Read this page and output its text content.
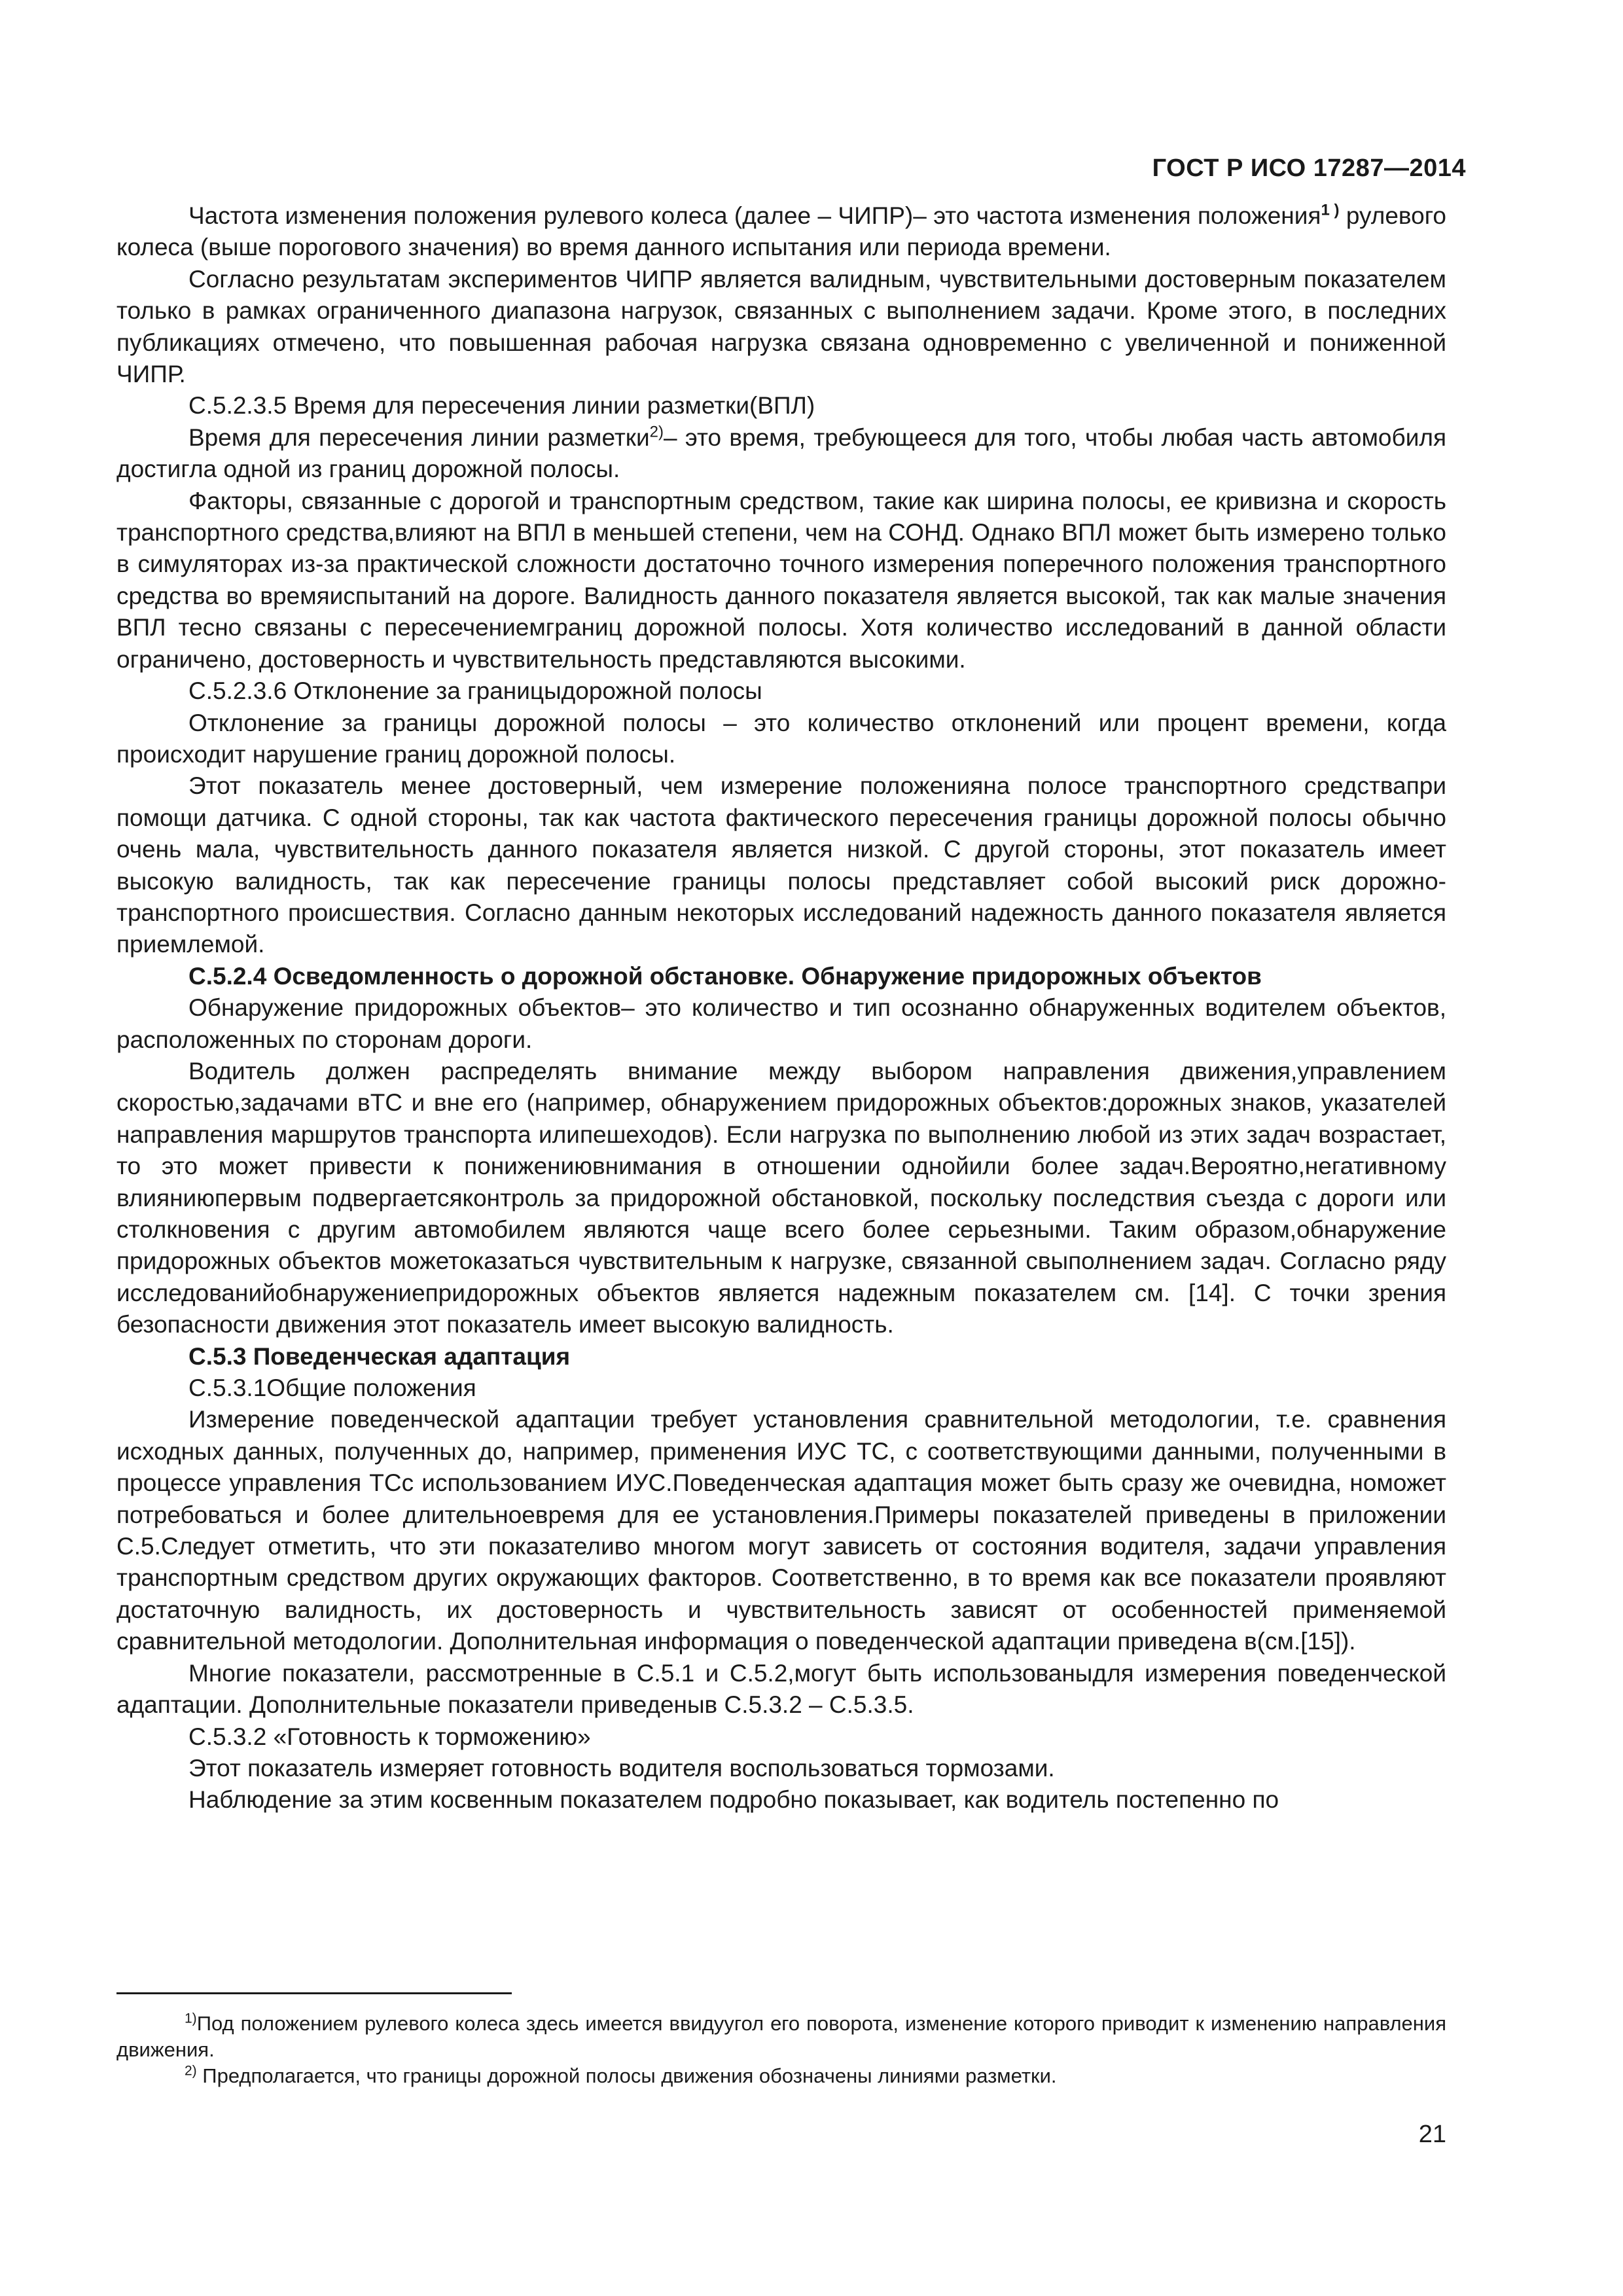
ГОСТ Р ИСО 17287—2014

Частота изменения положения рулевого колеса (далее – ЧИПР)– это частота изменения положения$^{1 )}$ рулевого колеса (выше порогового значения) во время данного испытания или периода времени.

Согласно результатам экспериментов ЧИПР является валидным, чувствительными достоверным показателем только в рамках ограниченного диапазона нагрузок, связанных с выполнением задачи. Кроме этого, в последних публикациях отмечено, что повышенная рабочая нагрузка связана одновременно с увеличенной и пониженной ЧИПР.

С.5.2.3.5 Время для пересечения линии разметки(ВПЛ)

Время для пересечения линии разметки$^{2)}$– это время, требующееся для того, чтобы любая часть автомобиля достигла одной из границ дорожной полосы.

Факторы, связанные с дорогой и транспортным средством, такие как ширина полосы, ее кривизна и скорость транспортного средства,влияют на ВПЛ в меньшей степени, чем на СОНД. Однако ВПЛ может быть измерено только в симуляторах из-за практической сложности достаточно точного измерения поперечного положения транспортного средства во времяиспытаний на дороге. Валидность данного показателя является высокой, так как малые значения ВПЛ тесно связаны с пересечениемграниц дорожной полосы. Хотя количество исследований в данной области ограничено, достоверность и чувствительность представляются высокими.

С.5.2.3.6 Отклонение за границыдорожной полосы

Отклонение за границы дорожной полосы – это количество отклонений или процент времени, когда происходит нарушение границ дорожной полосы.

Этот показатель менее достоверный, чем измерение положенияна полосе транспортного средствапри помощи датчика. С одной стороны, так как частота фактического пересечения границы дорожной полосы обычно очень мала, чувствительность данного показателя является низкой. С другой стороны, этот показатель имеет высокую валидность, так как пересечение границы полосы представляет собой высокий риск дорожно-транспортного происшествия. Согласно данным некоторых исследований надежность данного показателя является приемлемой.

С.5.2.4 Осведомленность о дорожной обстановке. Обнаружение придорожных объектов

Обнаружение придорожных объектов– это количество и тип осознанно обнаруженных водителем объектов, расположенных по сторонам дороги.

Водитель должен распределять внимание между выбором направления движения,управлением скоростью,задачами вТС и вне его (например, обнаружением придорожных объектов:дорожных знаков, указателей направления маршрутов транспорта илипешеходов). Если нагрузка по выполнению любой из этих задач возрастает, то это может привести к понижениювнимания в отношении однойили более задач.Вероятно,негативному влияниюпервым подвергаетсяконтроль за придорожной обстановкой, поскольку последствия съезда с дороги или столкновения с другим автомобилем являются чаще всего более серьезными. Таким образом,обнаружение придорожных объектов можетоказаться чувствительным к нагрузке, связанной свыполнением задач. Согласно ряду исследованийобнаружениепридорожных объектов является надежным показателем см. [14]. С точки зрения безопасности движения этот показатель имеет высокую валидность.

С.5.3 Поведенческая адаптация

С.5.3.1Общие положения

Измерение поведенческой адаптации требует установления сравнительной методологии, т.е. сравнения исходных данных, полученных до, например, применения ИУС ТС, с соответствующими данными, полученными в процессе управления ТСс использованием ИУС.Поведенческая адаптация может быть сразу же очевидна, номожет потребоваться и более длительноевремя для ее установления.Примеры показателей приведены в приложении С.5.Следует отметить, что эти показателиво многом могут зависеть от состояния водителя, задачи управления транспортным средством других окружающих факторов. Соответственно, в то время как все показатели проявляют достаточную валидность, их достоверность и чувствительность зависят от особенностей применяемой сравнительной методологии. Дополнительная информация о поведенческой адаптации приведена в(см.[15]).

Многие показатели, рассмотренные в С.5.1 и С.5.2,могут быть использованыдля измерения поведенческой адаптации. Дополнительные показатели приведеныв С.5.3.2 – С.5.3.5.

С.5.3.2 «Готовность к торможению»

Этот показатель измеряет готовность водителя воспользоваться тормозами.

Наблюдение за этим косвенным показателем подробно показывает, как водитель постепенно по

$^{1)}$Под положением рулевого колеса здесь имеется ввидуугол его поворота, изменение которого приводит к изменению направления движения.

$^{2)}$ Предполагается, что границы дорожной полосы движения обозначены линиями разметки.

21
